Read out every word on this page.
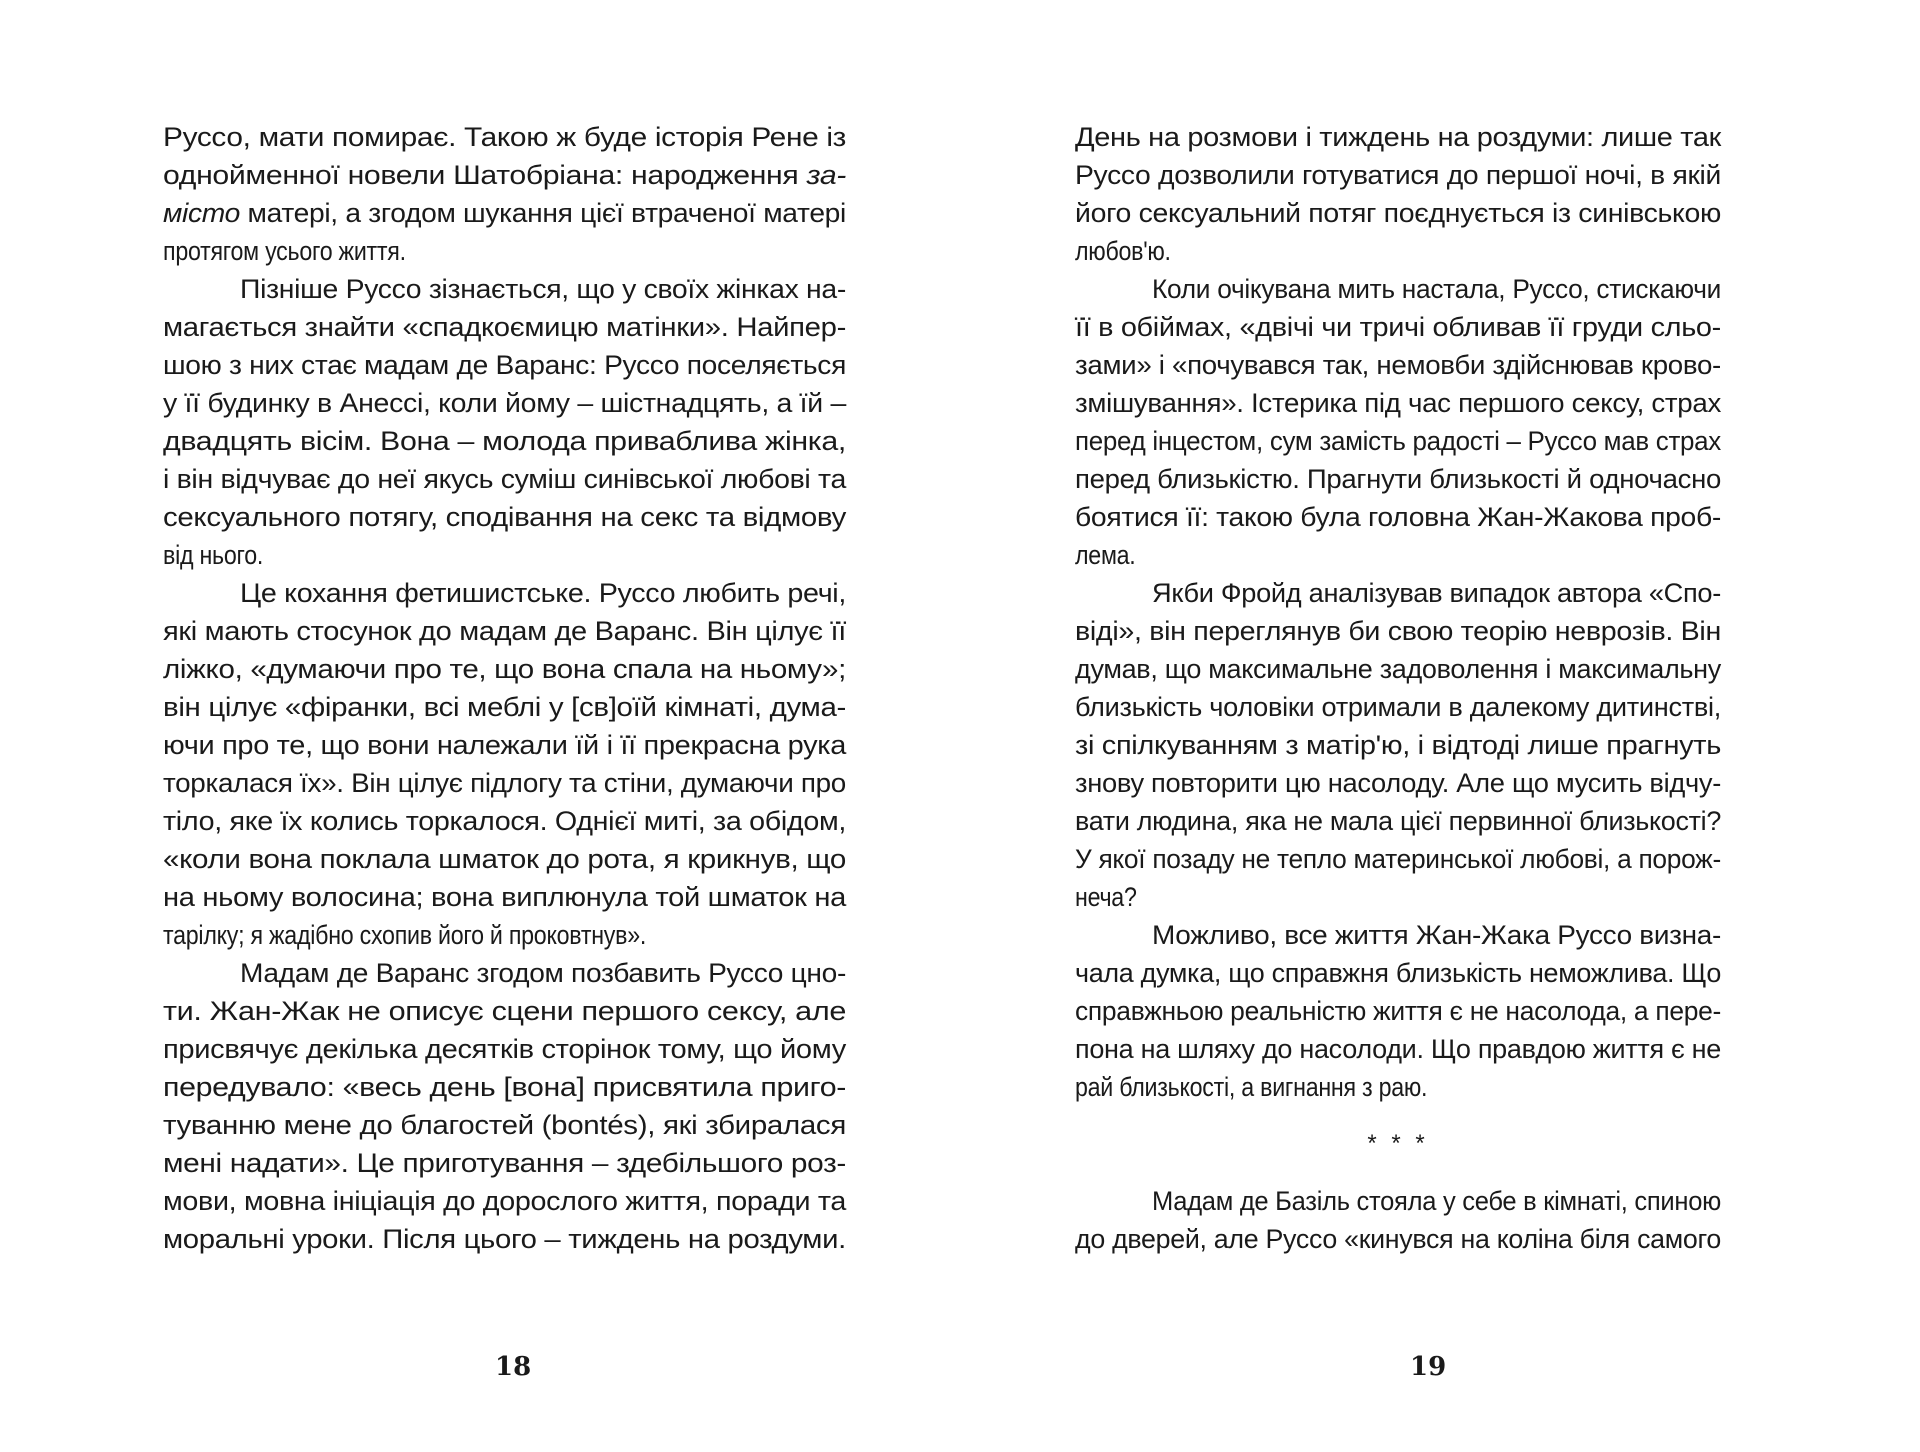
Руссо, мати помирає. Такою ж буде історія Рене із
однойменної новели Шатобріана: народження за-
місто матері, а згодом шукання цієї втраченої матері
протягом усього життя.
Пізніше Руссо зізнається, що у своїх жінках на-
магається знайти «спадкоємицю матінки». Найпер-
шою з них стає мадам де Варанс: Руссо поселяється
у її будинку в Анессі, коли йому – шістнадцять, а їй –
двадцять вісім. Вона – молода приваблива жінка,
і він відчуває до неї якусь суміш синівської любові та
сексуального потягу, сподівання на секс та відмову
від нього.
Це кохання фетишистське. Руссо любить речі,
які мають стосунок до мадам де Варанс. Він цілує її
ліжко, «думаючи про те, що вона спала на ньому»;
він цілує «фіранки, всі меблі у [св]оїй кімнаті, дума-
ючи про те, що вони належали їй і її прекрасна рука
торкалася їх». Він цілує підлогу та стіни, думаючи про
тіло, яке їх колись торкалося. Однієї миті, за обідом,
«коли вона поклала шматок до рота, я крикнув, що
на ньому волосина; вона виплюнула той шматок на
тарілку; я жадібно схопив його й проковтнув».
Мадам де Варанс згодом позбавить Руссо цно-
ти. Жан-Жак не описує сцени першого сексу, але
присвячує декілька десятків сторінок тому, що йому
передувало: «весь день [вона] присвятила приго-
туванню мене до благостей (bontés), які збиралася
мені надати». Це приготування – здебільшого роз-
мови, мовна ініціація до дорослого життя, поради та
моральні уроки. Після цього – тиждень на роздуми.
18
День на розмови і тиждень на роздуми: лише так
Руссо дозволили готуватися до першої ночі, в якій
його сексуальний потяг поєднується із синівською
любов'ю.
Коли очікувана мить настала, Руссо, стискаючи
її в обіймах, «двічі чи тричі обливав її груди сльо-
зами» і «почувався так, немовби здійснював крово-
змішування». Істерика під час першого сексу, страх
перед інцестом, сум замість радості – Руссо мав страх
перед близькістю. Прагнути близькості й одночасно
боятися її: такою була головна Жан-Жакова проб-
лема.
Якби Фройд аналізував випадок автора «Спо-
віді», він переглянув би свою теорію неврозів. Він
думав, що максимальне задоволення і максимальну
близькість чоловіки отримали в далекому дитинстві,
зі спілкуванням з матір'ю, і відтоді лише прагнуть
знову повторити цю насолоду. Але що мусить відчу-
вати людина, яка не мала цієї первинної близькості?
У якої позаду не тепло материнської любові, а порож-
неча?
Можливо, все життя Жан-Жака Руссо визна-
чала думка, що справжня близькість неможлива. Що
справжньою реальністю життя є не насолода, а пере-
пона на шляху до насолоди. Що правдою життя є не
рай близькості, а вигнання з раю.
* * *
Мадам де Базіль стояла у себе в кімнаті, спиною
до дверей, але Руссо «кинувся на коліна біля самого
19
